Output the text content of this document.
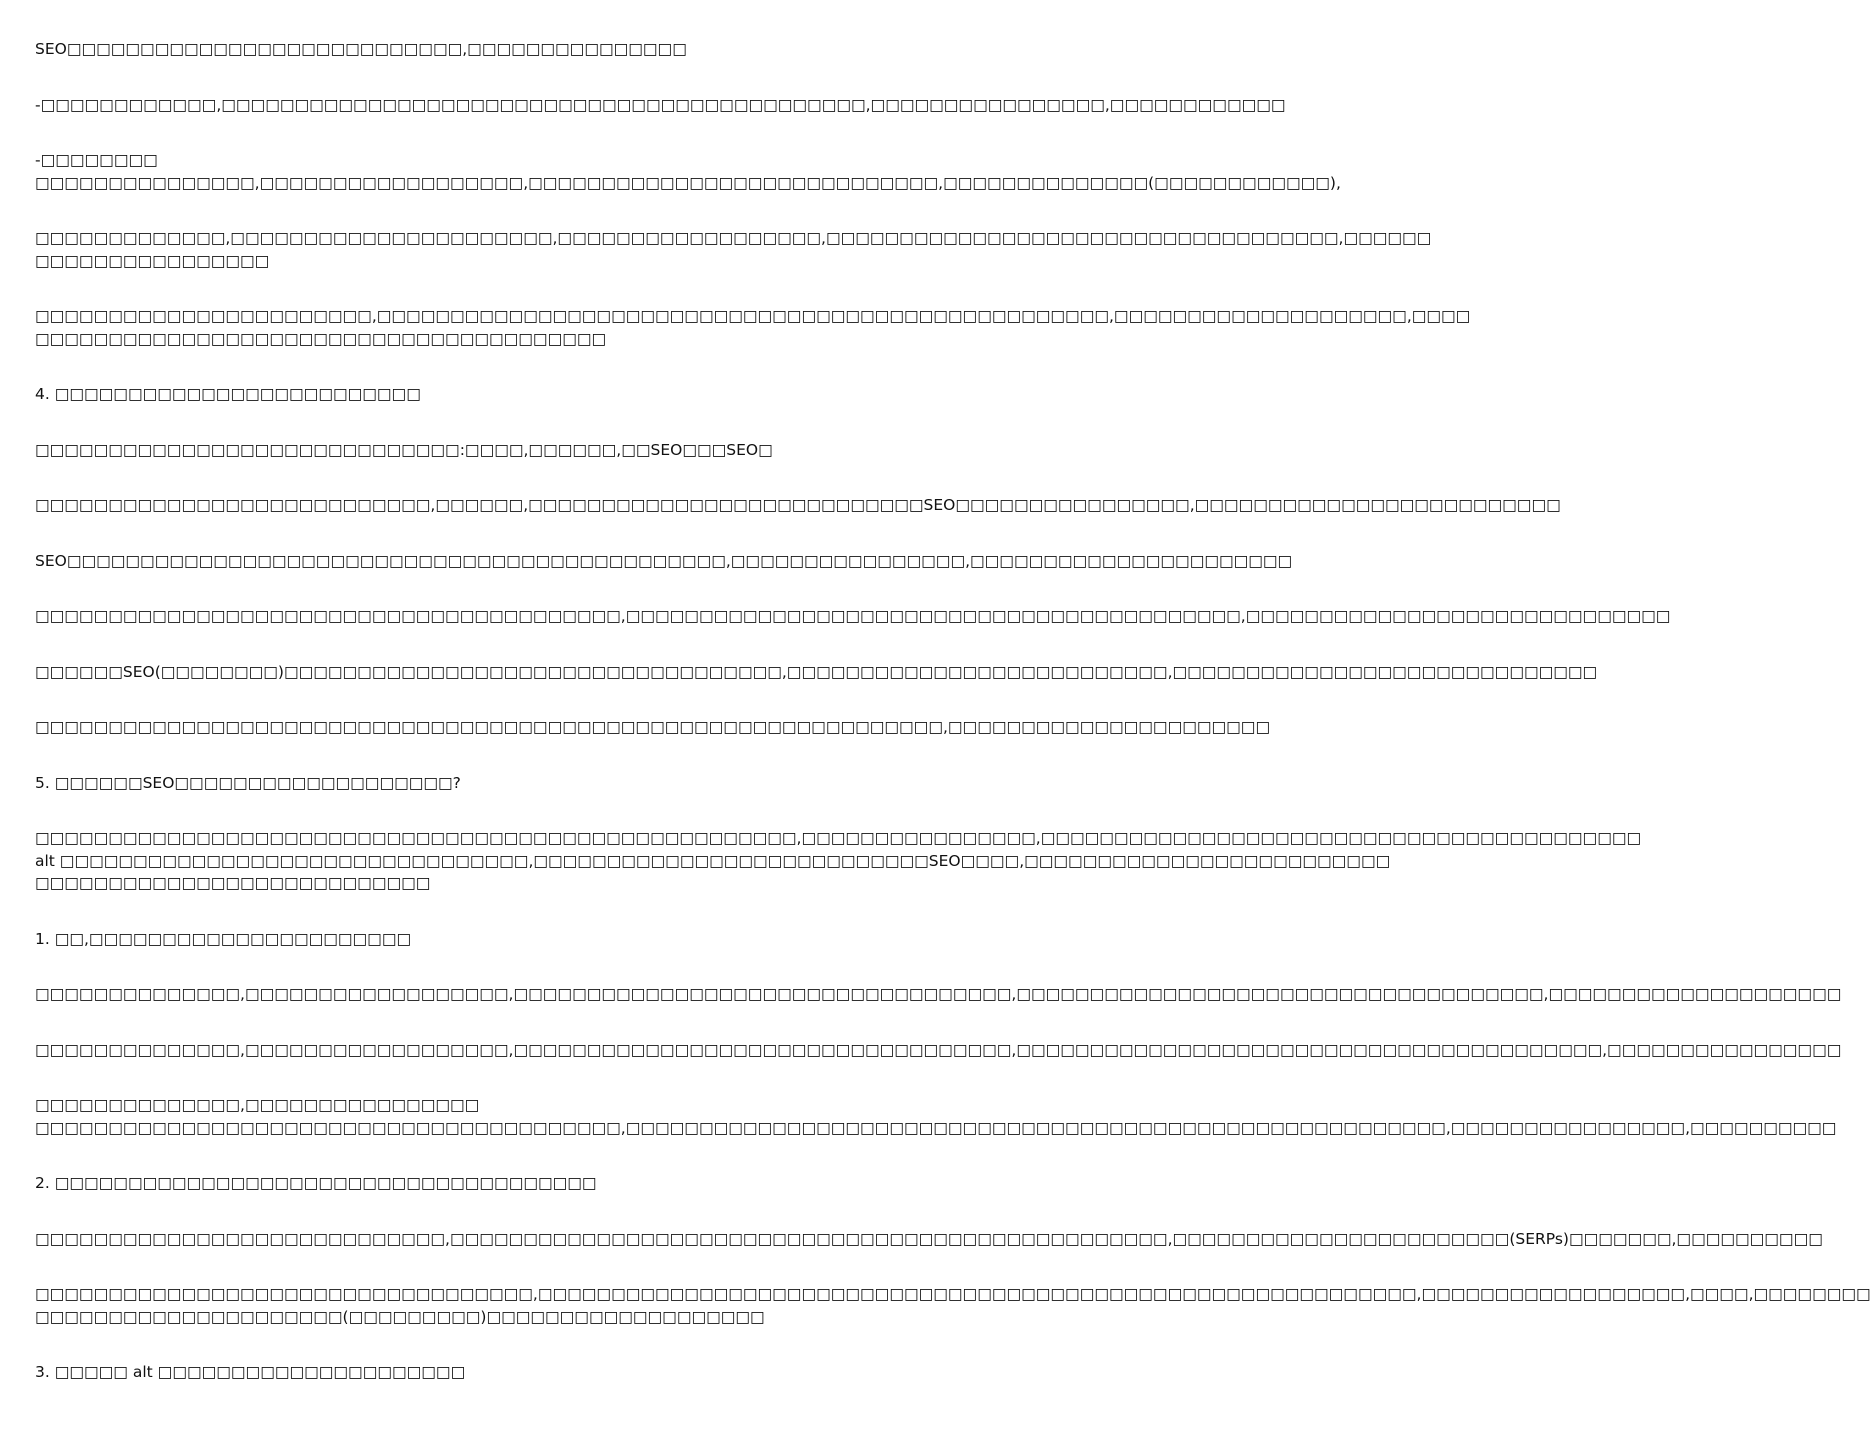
SEO□□□□□□□□□□□□□□□□□□□□□□□□□□□,□□□□□□□□□□□□□□□
-□□□□□□□□□□□□,□□□□□□□□□□□□□□□□□□□□□□□□□□□□□□□□□□□□□□□□□□□□,□□□□□□□□□□□□□□□□,□□□□□□□□□□□□
-□□□□□□□□
□□□□□□□□□□□□□□□,□□□□□□□□□□□□□□□□□□,□□□□□□□□□□□□□□□□□□□□□□□□□□□□,□□□□□□□□□□□□□□(□□□□□□□□□□□□),
□□□□□□□□□□□□□,□□□□□□□□□□□□□□□□□□□□□□,□□□□□□□□□□□□□□□□□□,□□□□□□□□□□□□□□□□□□□□□□□□□□□□□□□□□□□,□□□□□□
□□□□□□□□□□□□□□□□
□□□□□□□□□□□□□□□□□□□□□□□,□□□□□□□□□□□□□□□□□□□□□□□□□□□□□□□□□□□□□□□□□□□□□□□□□□,□□□□□□□□□□□□□□□□□□□□,□□□□
□□□□□□□□□□□□□□□□□□□□□□□□□□□□□□□□□□□□□□□
4. □□□□□□□□□□□□□□□□□□□□□□□□□
□□□□□□□□□□□□□□□□□□□□□□□□□□□□□:□□□□,□□□□□□,□□SEO□□□SEO□
□□□□□□□□□□□□□□□□□□□□□□□□□□□,□□□□□□,□□□□□□□□□□□□□□□□□□□□□□□□□□□SEO□□□□□□□□□□□□□□□□,□□□□□□□□□□□□□□□□□□□□□□□□□
SEO□□□□□□□□□□□□□□□□□□□□□□□□□□□□□□□□□□□□□□□□□□□□□,□□□□□□□□□□□□□□□□,□□□□□□□□□□□□□□□□□□□□□□
□□□□□□□□□□□□□□□□□□□□□□□□□□□□□□□□□□□□□□□□,□□□□□□□□□□□□□□□□□□□□□□□□□□□□□□□□□□□□□□□□□□,□□□□□□□□□□□□□□□□□□□□□□□□□□□□□
□□□□□□SEO(□□□□□□□□)□□□□□□□□□□□□□□□□□□□□□□□□□□□□□□□□□□,□□□□□□□□□□□□□□□□□□□□□□□□□□,□□□□□□□□□□□□□□□□□□□□□□□□□□□□□
□□□□□□□□□□□□□□□□□□□□□□□□□□□□□□□□□□□□□□□□□□□□□□□□□□□□□□□□□□□□□□,□□□□□□□□□□□□□□□□□□□□□□
5. □□□□□□SEO□□□□□□□□□□□□□□□□□□□?
□□□□□□□□□□□□□□□□□□□□□□□□□□□□□□□□□□□□□□□□□□□□□□□□□□□□,□□□□□□□□□□□□□□□□,□□□□□□□□□□□□□□□□□□□□□□□□□□□□□□□□□□□□□□□□□
alt □□□□□□□□□□□□□□□□□□□□□□□□□□□□□□□□,□□□□□□□□□□□□□□□□□□□□□□□□□□□SEO□□□□,□□□□□□□□□□□□□□□□□□□□□□□□□
□□□□□□□□□□□□□□□□□□□□□□□□□□□
1. □□,□□□□□□□□□□□□□□□□□□□□□□
□□□□□□□□□□□□□□,□□□□□□□□□□□□□□□□□□,□□□□□□□□□□□□□□□□□□□□□□□□□□□□□□□□□□,□□□□□□□□□□□□□□□□□□□□□□□□□□□□□□□□□□□□,□□□□□□□□□□□□□□□□□□□□
□□□□□□□□□□□□□□,□□□□□□□□□□□□□□□□□□,□□□□□□□□□□□□□□□□□□□□□□□□□□□□□□□□□□,□□□□□□□□□□□□□□□□□□□□□□□□□□□□□□□□□□□□□□□□,□□□□□□□□□□□□□□□□
□□□□□□□□□□□□□□,□□□□□□□□□□□□□□□□
□□□□□□□□□□□□□□□□□□□□□□□□□□□□□□□□□□□□□□□□,□□□□□□□□□□□□□□□□□□□□□□□□□□□□□□□□□□□□□□□□□□□□□□□□□□□□□□□□,□□□□□□□□□□□□□□□□,□□□□□□□□□□
2. □□□□□□□□□□□□□□□□□□□□□□□□□□□□□□□□□□□□□
□□□□□□□□□□□□□□□□□□□□□□□□□□□□,□□□□□□□□□□□□□□□□□□□□□□□□□□□□□□□□□□□□□□□□□□□□□□□□□,□□□□□□□□□□□□□□□□□□□□□□□(SERPs)□□□□□□□,□□□□□□□□□□
□□□□□□□□□□□□□□□□□□□□□□□□□□□□□□□□□□,□□□□□□□□□□□□□□□□□□□□□□□□□□□□□□□□□□□□□□□□□□□□□□□□□□□□□□□□□□□□,□□□□□□□□□□□□□□□□□□,□□□□,□□□□□□□□
□□□□□□□□□□□□□□□□□□□□□(□□□□□□□□□)□□□□□□□□□□□□□□□□□□□
3. □□□□□ alt □□□□□□□□□□□□□□□□□□□□□
